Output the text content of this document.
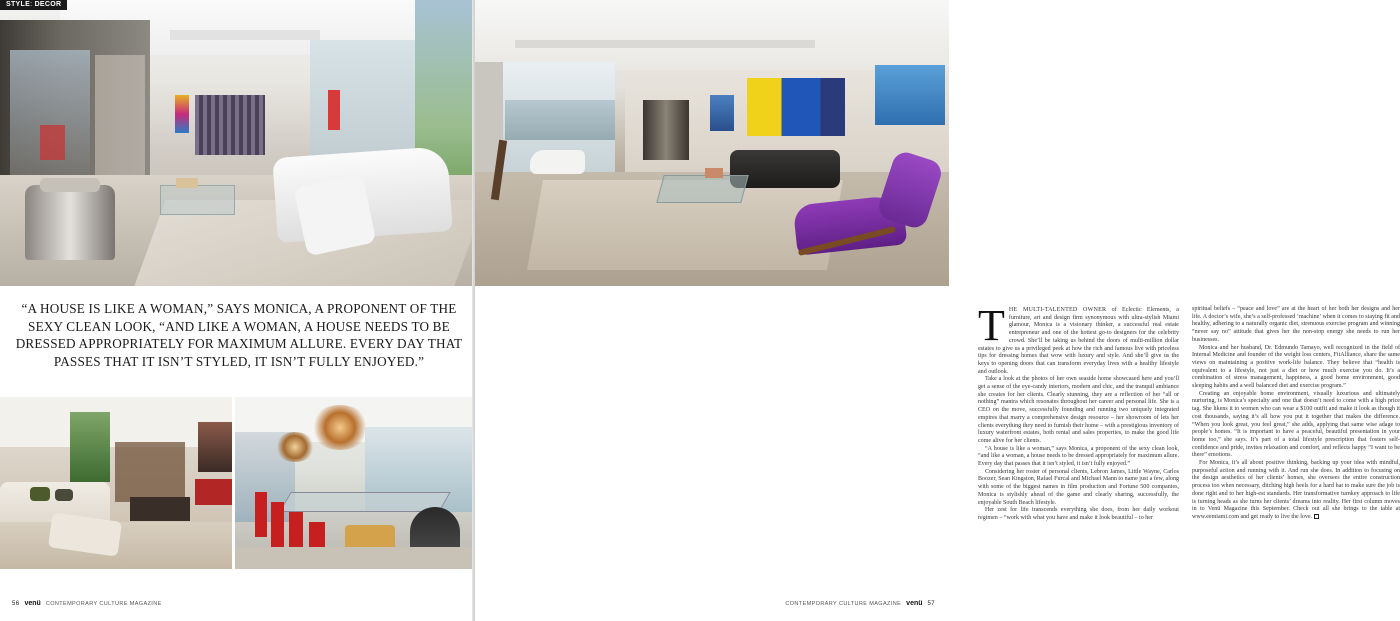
STYLE: DECOR
“A HOUSE IS LIKE A WOMAN,” SAYS MONICA, A PROPONENT OF THE SEXY CLEAN LOOK, “AND LIKE A WOMAN, A HOUSE NEEDS TO BE DRESSED APPROPRIATELY FOR MAXIMUM ALLURE. EVERY DAY THAT PASSES THAT IT ISN’T STYLED, IT ISN’T FULLY ENJOYED.”
56 venü CONTEMPORARY CULTURE MAGAZINE

THE MULTI-TALENTED OWNER of Eclectic Elements, a furniture, art and design firm synonymous with ultra-stylish Miami glamour, Monica is a visionary thinker, a successful real estate entrepreneur and one of the hottest go-to designers for the celebrity crowd. She’ll be taking us behind the doors of multi-million dollar estates to give us a privileged peek at how the rich and famous live with priceless tips for dressing homes that wow with luxury and style. And she’ll give us the keys to opening doors that can transform everyday lives with a healthy lifestyle and outlook.

Take a look at the photos of her own seaside home showcased here and you’ll get a sense of the eye-candy interiors, modern and chic, and the tranquil ambiance she creates for her clients. Clearly stunning, they are a reflection of her “all or nothing” mantra which resonates throughout her career and personal life. She is a CEO on the move, successfully founding and running two uniquely integrated empires that marry a comprehensive design resource – her showroom of lets her clients everything they need to furnish their home – with a prestigious inventory of luxury waterfront estates, both rental and sales properties, to make the good life come alive for her clients.

“A house is like a woman,” says Monica, a proponent of the sexy clean look, “and like a woman, a house needs to be dressed appropriately for maximum allure. Every day that passes that it isn’t styled, it isn’t fully enjoyed.”

Considering her roster of personal clients, Lebron James, Little Wayne, Carlos Boozer, Sean Kingston, Rafael Furcal and Michael Mann to name just a few, along with some of the biggest names in film production and Fortune 500 companies, Monica is stylishly ahead of the game and clearly sharing, successfully, the enjoyable South Beach lifestyle.

Her zest for life transcends everything she does, from her daily workout regimen – “work with what you have and make it look beautiful – to her

spiritual beliefs – “peace and love” are at the heart of her both her designs and her life. A doctor’s wife, she’s a self-professed ‘machine’ when it comes to staying fit and healthy, adhering to a naturally organic diet, strenuous exercise program and winning “never say no” attitude that gives her the non-stop energy she needs to run her businesses.

Monica and her husband, Dr. Edmundo Tamayo, well recognized in the field of Internal Medicine and founder of the weight loss centers, FitAlliance, share the same views on maintaining a positive work-life balance. They believe that “health is equivalent to a lifestyle, not just a diet or how much exercise you do. It’s a combination of stress management, happiness, a good home environment, good sleeping habits and a well balanced diet and exercise program.”

Creating an enjoyable home environment, visually luxurious and ultimately nurturing, is Monica’s specialty and one that doesn’t need to come with a high price tag. She likens it to women who can wear a $100 outfit and make it look as though it cost thousands, saying it’s all how you put it together that makes the difference. “When you look great, you feel great,” she adds, applying that same wise adage to people’s homes. “It is important to have a peaceful, beautiful presentation in your home too,” she says. It’s part of a total lifestyle prescription that fosters self-confidence and pride, invites relaxation and comfort, and reflects happy “I want to be there” emotions.

For Monica, it’s all about positive thinking, backing up your idea with mindful, purposeful action and running with it. And run she does. In addition to focusing on the design aesthetics of her clients’ homes, she oversees the entire construction process too when necessary, ditching high heels for a hard hat to make sure the job is done right and to her high-est standards. Her transformative turnkey approach to life is turning heads as she turns her clients’ dreams into reality. Her first column moves in to Venü Magazine this September. Check out all she brings to the table at www.eemiami.com and get ready to live the love.

CONTEMPORARY CULTURE MAGAZINE venü 57
